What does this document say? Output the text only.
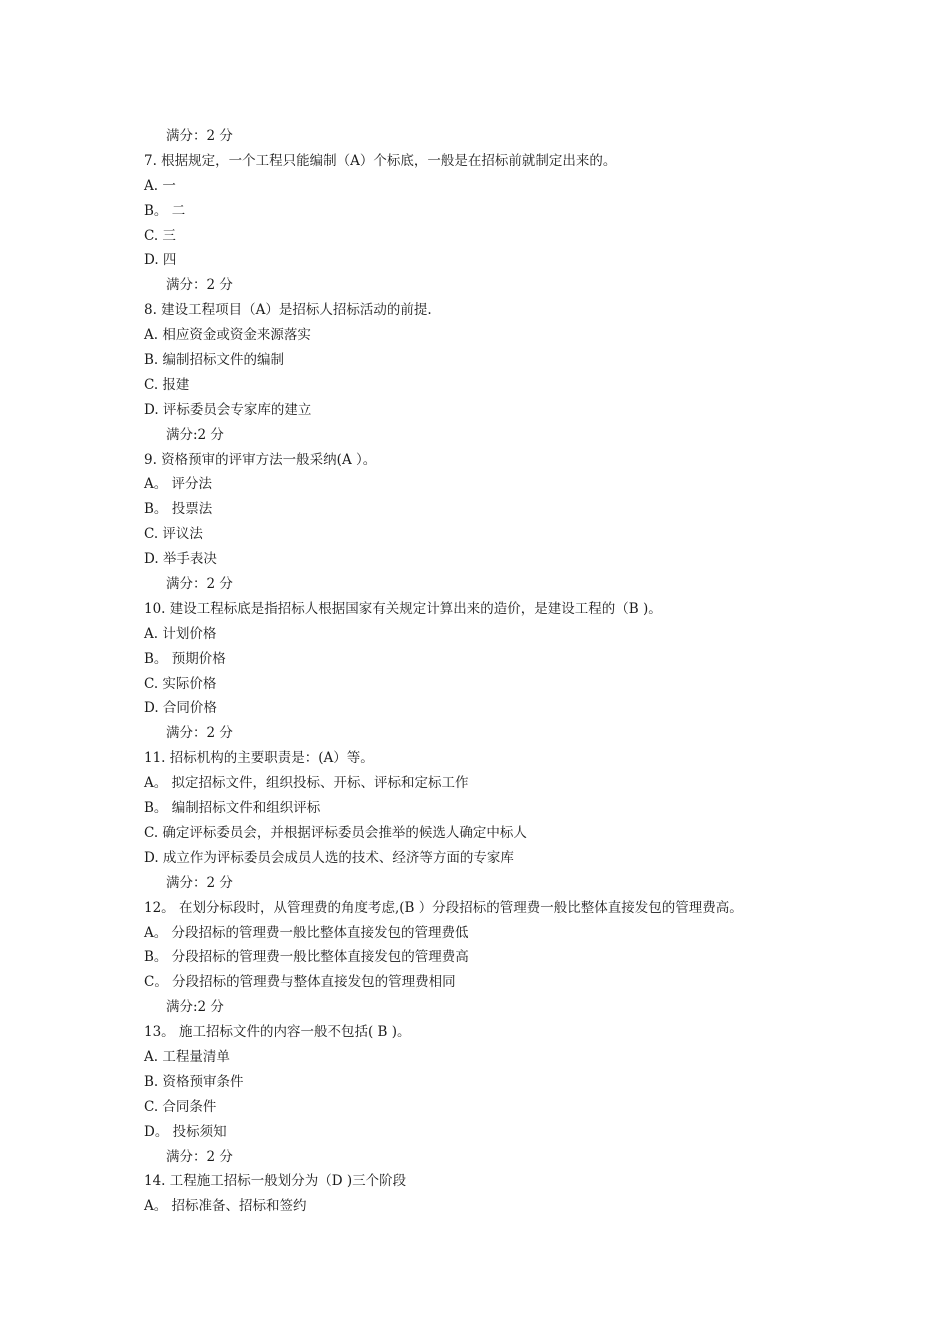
满分：2 分
7. 根据规定，一个工程只能编制（A）个标底，一般是在招标前就制定出来的。
A. 一
B。 二
C. 三
D. 四
满分：2 分
8. 建设工程项目（A）是招标人招标活动的前提.
A. 相应资金或资金来源落实
B. 编制招标文件的编制
C. 报建
D. 评标委员会专家库的建立
满分:2 分
9. 资格预审的评审方法一般采纳(A ）。
A。 评分法
B。 投票法
C. 评议法
D. 举手表决
满分：2 分
10. 建设工程标底是指招标人根据国家有关规定计算出来的造价，是建设工程的（B )。
A. 计划价格
B。 预期价格
C. 实际价格
D. 合同价格
满分：2 分
11. 招标机构的主要职责是：(A）等。
A。 拟定招标文件，组织投标、开标、评标和定标工作
B。 编制招标文件和组织评标
C. 确定评标委员会，并根据评标委员会推举的候选人确定中标人
D. 成立作为评标委员会成员人选的技术、经济等方面的专家库
满分：2 分
12。 在划分标段时，从管理费的角度考虑,(B ）分段招标的管理费一般比整体直接发包的管理费高。
A。 分段招标的管理费一般比整体直接发包的管理费低
B。 分段招标的管理费一般比整体直接发包的管理费高
C。 分段招标的管理费与整体直接发包的管理费相同
满分:2 分
13。 施工招标文件的内容一般不包括( B )。
A. 工程量清单
B. 资格预审条件
C. 合同条件
D。 投标须知
满分：2 分
14. 工程施工招标一般划分为（D )三个阶段
A。 招标准备、招标和签约
